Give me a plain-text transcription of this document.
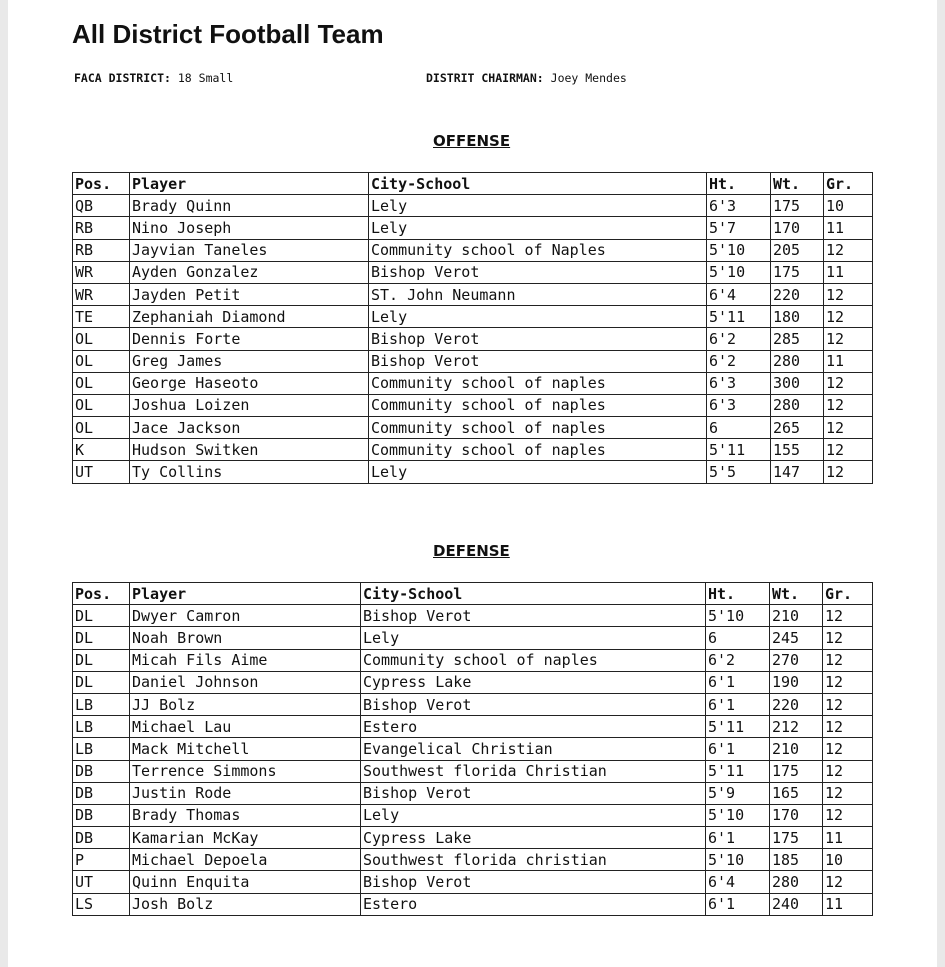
All District Football Team
FACA DISTRICT: 18 Small	DISTRIT CHAIRMAN: Joey Mendes
OFFENSE
Pos.	Player	City-School	Ht.	Wt.	Gr.
QB	Brady Quinn	Lely	6'3	175	10
RB	Nino Joseph	Lely	5'7	170	11
RB	Jayvian Taneles	Community school of Naples	5'10	205	12
WR	Ayden Gonzalez	Bishop Verot	5'10	175	11
WR	Jayden Petit	ST. John Neumann	6'4	220	12
TE	Zephaniah Diamond	Lely	5'11	180	12
OL	Dennis Forte	Bishop Verot	6'2	285	12
OL	Greg James	Bishop Verot	6'2	280	11
OL	George Haseoto	Community school of naples	6'3	300	12
OL	Joshua Loizen	Community school of naples	6'3	280	12
OL	Jace Jackson	Community school of naples	6	265	12
K	Hudson Switken	Community school of naples	5'11	155	12
UT	Ty Collins	Lely	5'5	147	12
DEFENSE
Pos.	Player	City-School	Ht.	Wt.	Gr.
DL	Dwyer Camron	Bishop Verot	5'10	210	12
DL	Noah Brown	Lely	6	245	12
DL	Micah Fils Aime	Community school of naples	6'2	270	12
DL	Daniel Johnson	Cypress Lake	6'1	190	12
LB	JJ Bolz	Bishop Verot	6'1	220	12
LB	Michael Lau	Estero	5'11	212	12
LB	Mack Mitchell	Evangelical Christian	6'1	210	12
DB	Terrence Simmons	Southwest florida Christian	5'11	175	12
DB	Justin Rode	Bishop Verot	5'9	165	12
DB	Brady Thomas	Lely	5'10	170	12
DB	Kamarian McKay	Cypress Lake	6'1	175	11
P	Michael Depoela	Southwest florida christian	5'10	185	10
UT	Quinn Enquita	Bishop Verot	6'4	280	12
LS	Josh Bolz	Estero	6'1	240	11
